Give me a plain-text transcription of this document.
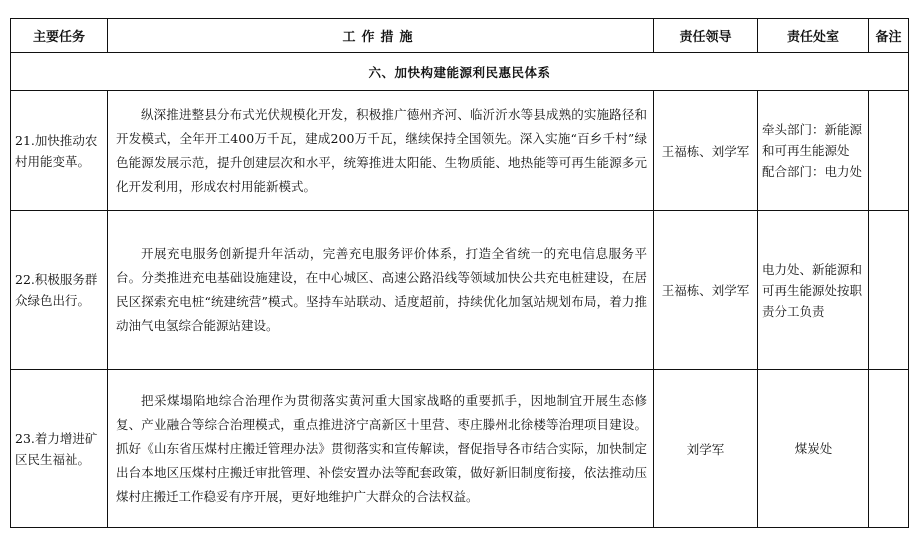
主要任务	工作措施	责任领导	责任处室	备注
六、加快构建能源利民惠民体系				
21.加快推动农村用能变革。	纵深推进整县分布式光伏规模化开发，积极推广德州齐河、临沂沂水等县成熟的实施路径和开发模式，全年开工400万千瓦，建成200万千瓦，继续保持全国领先。深入实施“百乡千村”绿色能源发展示范，提升创建层次和水平，统筹推进太阳能、生物质能、地热能等可再生能源多元化开发利用，形成农村用能新模式。	王福栋、刘学军	牵头部门：新能源和可再生能源处
配合部门：电力处	

22.积极服务群众绿色出行。	开展充电服务创新提升年活动，完善充电服务评价体系，打造全省统一的充电信息服务平台。分类推进充电基础设施建设，在中心城区、高速公路沿线等领域加快公共充电桩建设，在居民区探索充电桩“统建统营”模式。坚持车站联动、适度超前，持续优化加氢站规划布局，着力推动油气电氢综合能源站建设。	王福栋、刘学军	电力处、新能源和可再生能源处按职责分工负责	

23.着力增进矿区民生福祉。	把采煤塌陷地综合治理作为贯彻落实黄河重大国家战略的重要抓手，因地制宜开展生态修复、产业融合等综合治理模式，重点推进济宁高新区十里营、枣庄滕州北徐楼等治理项目建设。抓好《山东省压煤村庄搬迁管理办法》贯彻落实和宣传解读，督促指导各市结合实际，加快制定出台本地区压煤村庄搬迁审批管理、补偿安置办法等配套政策，做好新旧制度衔接，依法推动压煤村庄搬迁工作稳妥有序开展，更好地维护广大群众的合法权益。	刘学军	煤炭处	
